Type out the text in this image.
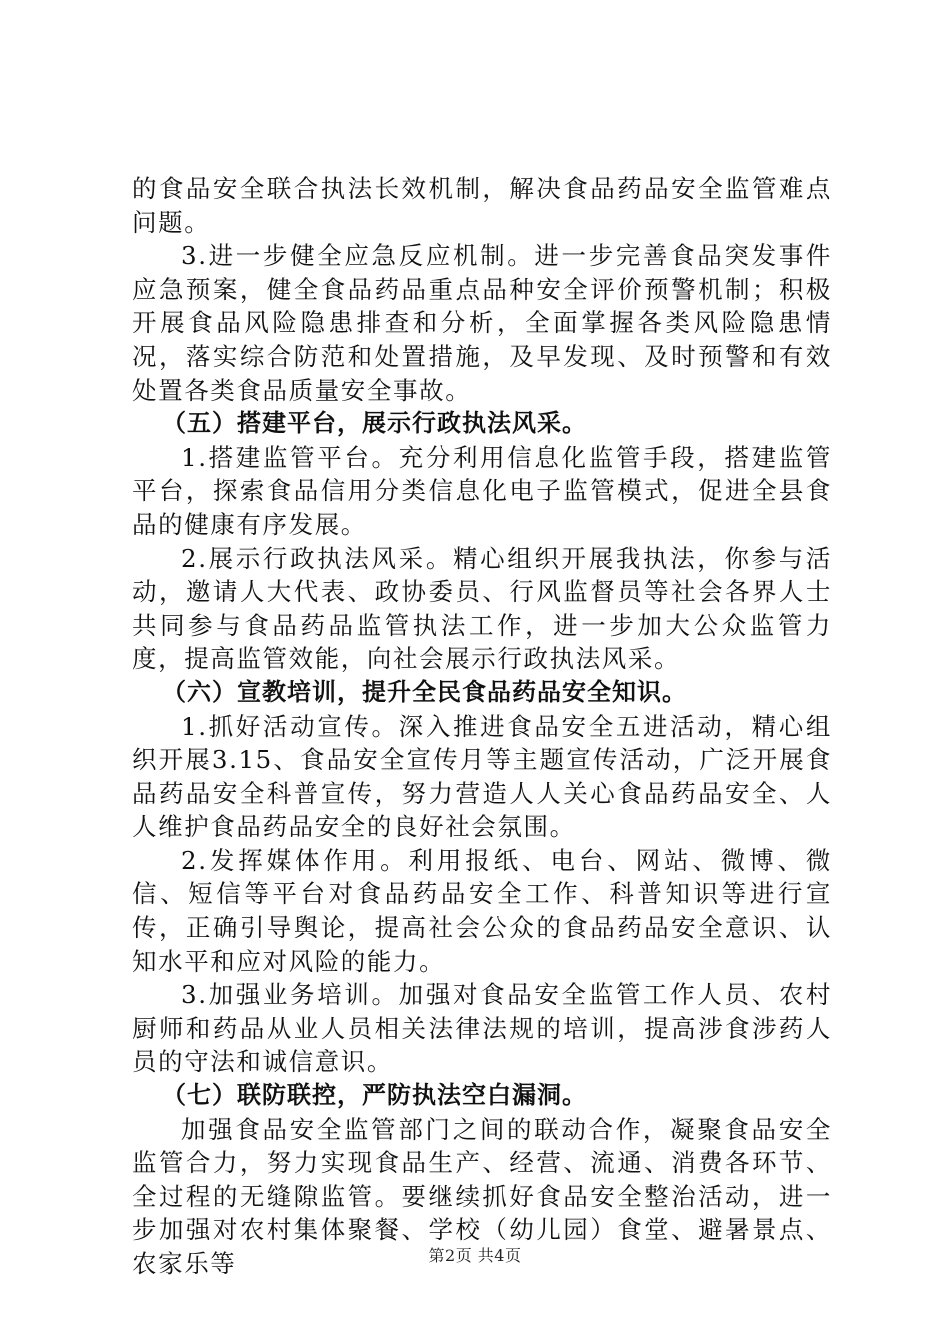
的食品安全联合执法长效机制，解决食品药品安全监管难点问题。

3.进一步健全应急反应机制。进一步完善食品突发事件应急预案，健全食品药品重点品种安全评价预警机制；积极开展食品风险隐患排查和分析，全面掌握各类风险隐患情况，落实综合防范和处置措施，及早发现、及时预警和有效处置各类食品质量安全事故。

（五）搭建平台，展示行政执法风采。

1.搭建监管平台。充分利用信息化监管手段，搭建监管平台，探索食品信用分类信息化电子监管模式，促进全县食品的健康有序发展。

2.展示行政执法风采。精心组织开展我执法，你参与活动，邀请人大代表、政协委员、行风监督员等社会各界人士共同参与食品药品监管执法工作，进一步加大公众监管力度，提高监管效能，向社会展示行政执法风采。

（六）宣教培训，提升全民食品药品安全知识。

1.抓好活动宣传。深入推进食品安全五进活动，精心组织开展3.15、食品安全宣传月等主题宣传活动，广泛开展食品药品安全科普宣传，努力营造人人关心食品药品安全、人人维护食品药品安全的良好社会氛围。

2.发挥媒体作用。利用报纸、电台、网站、微博、微信、短信等平台对食品药品安全工作、科普知识等进行宣传，正确引导舆论，提高社会公众的食品药品安全意识、认知水平和应对风险的能力。

3.加强业务培训。加强对食品安全监管工作人员、农村厨师和药品从业人员相关法律法规的培训，提高涉食涉药人员的守法和诚信意识。

（七）联防联控，严防执法空白漏洞。

加强食品安全监管部门之间的联动合作，凝聚食品安全监管合力，努力实现食品生产、经营、流通、消费各环节、全过程的无缝隙监管。要继续抓好食品安全整治活动，进一步加强对农村集体聚餐、学校（幼儿园）食堂、避暑景点、农家乐等	第2页 共4页
